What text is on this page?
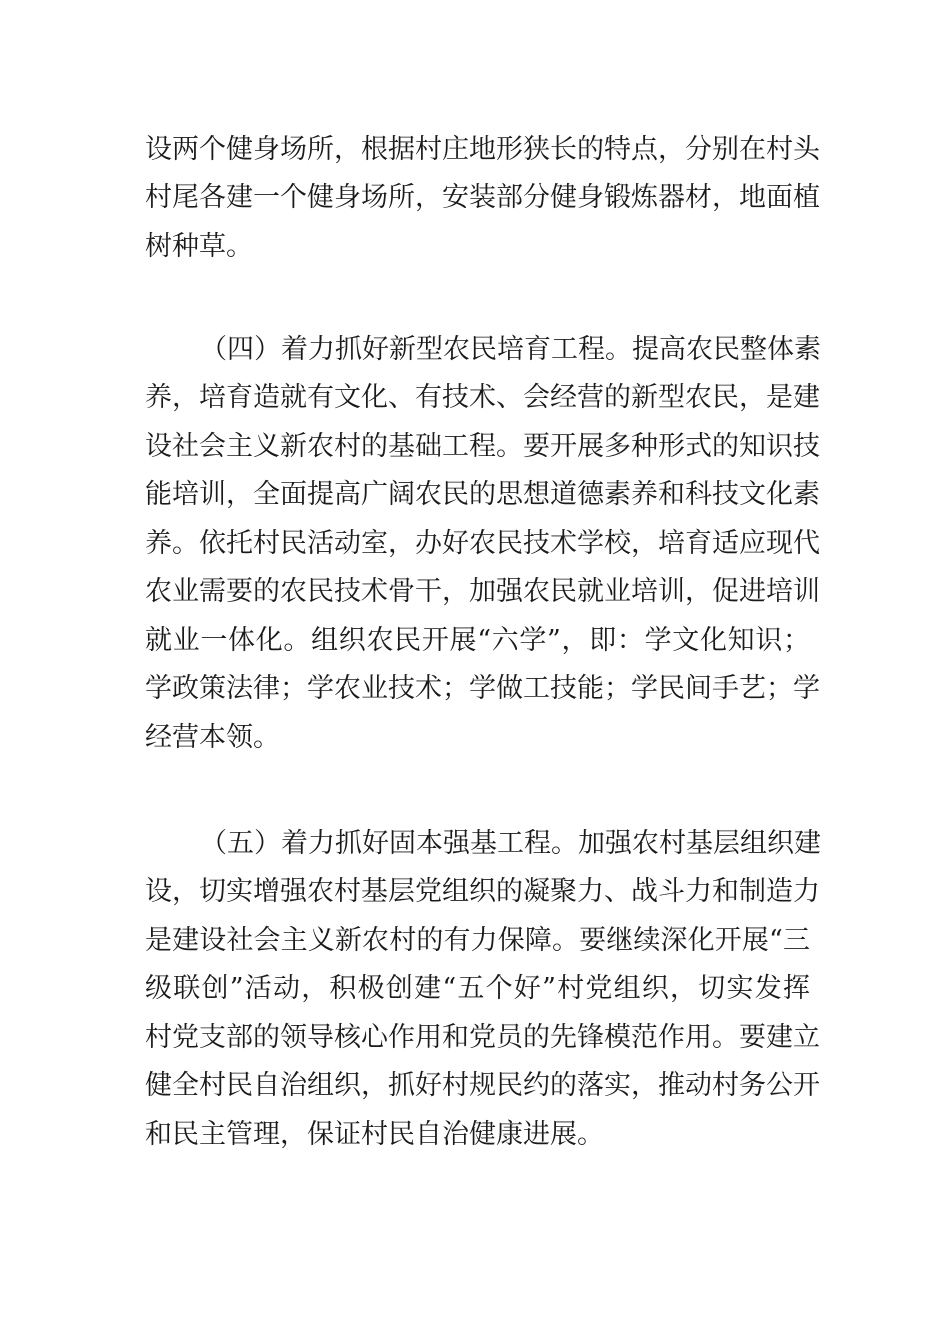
设两个健身场所，根据村庄地形狭长的特点，分别在村头
村尾各建一个健身场所，安装部分健身锻炼器材，地面植
树种草。
（四）着力抓好新型农民培育工程。提高农民整体素
养，培育造就有文化、有技术、会经营的新型农民，是建
设社会主义新农村的基础工程。要开展多种形式的知识技
能培训，全面提高广阔农民的思想道德素养和科技文化素
养。依托村民活动室，办好农民技术学校，培育适应现代
农业需要的农民技术骨干，加强农民就业培训，促进培训
就业一体化。组织农民开展“六学”，即：学文化知识；
学政策法律；学农业技术；学做工技能；学民间手艺；学
经营本领。
（五）着力抓好固本强基工程。加强农村基层组织建
设，切实增强农村基层党组织的凝聚力、战斗力和制造力
是建设社会主义新农村的有力保障。要继续深化开展“三
级联创”活动，积极创建“五个好”村党组织，切实发挥
村党支部的领导核心作用和党员的先锋模范作用。要建立
健全村民自治组织，抓好村规民约的落实，推动村务公开
和民主管理，保证村民自治健康进展。
